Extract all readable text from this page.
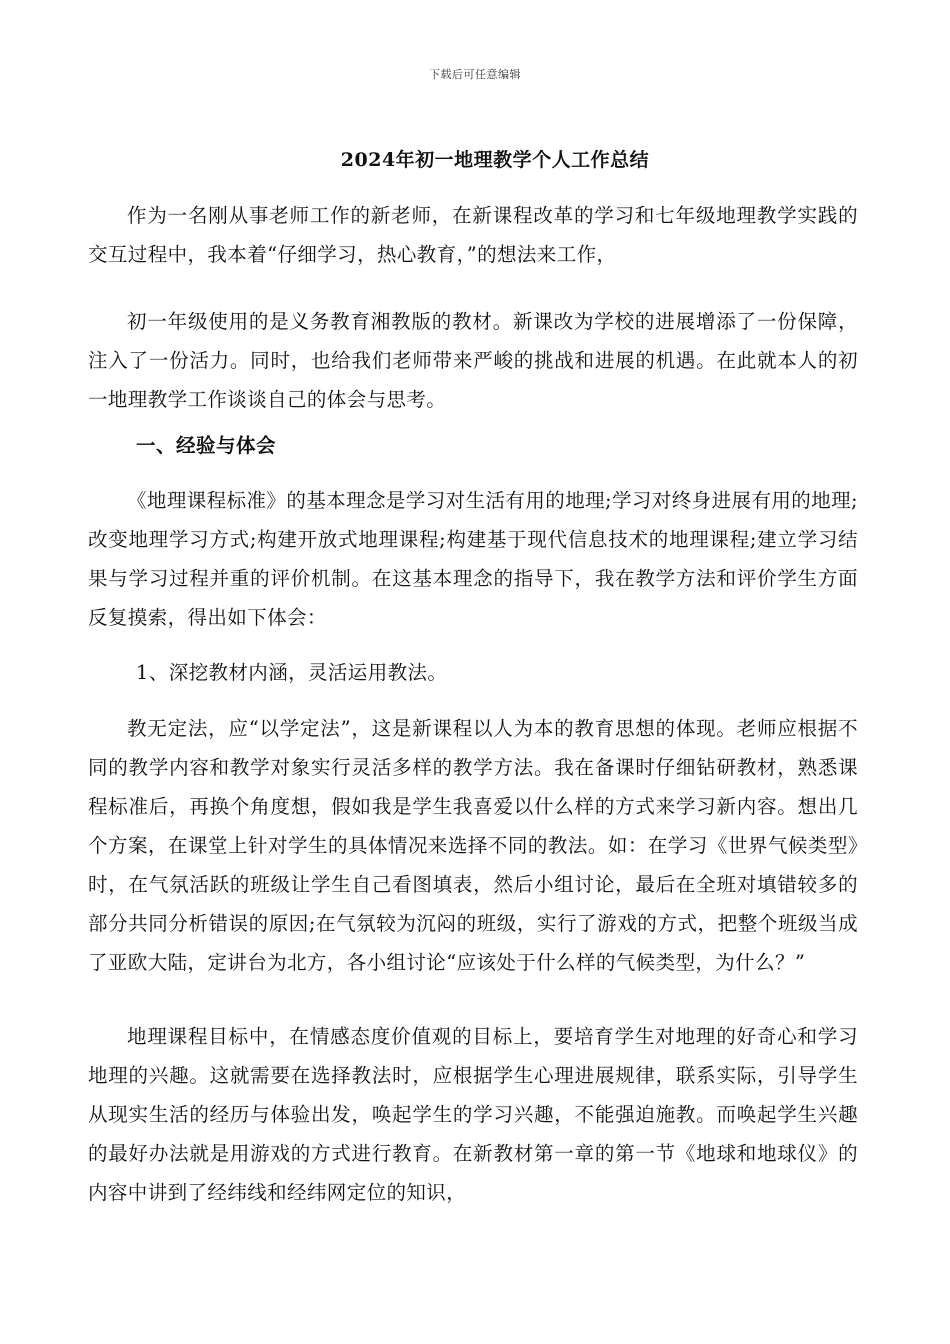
下载后可任意编辑
2024年初一地理教学个人工作总结

作为一名刚从事老师工作的新老师，在新课程改革的学习和七年级地理教学实践的交互过程中，我本着“仔细学习，热心教育，”的想法来工作，

初一年级使用的是义务教育湘教版的教材。新课改为学校的进展增添了一份保障，注入了一份活力。同时，也给我们老师带来严峻的挑战和进展的机遇。在此就本人的初一地理教学工作谈谈自己的体会与思考。

一、经验与体会

《地理课程标准》的基本理念是学习对生活有用的地理;学习对终身进展有用的地理;改变地理学习方式;构建开放式地理课程;构建基于现代信息技术的地理课程;建立学习结果与学习过程并重的评价机制。在这基本理念的指导下，我在教学方法和评价学生方面反复摸索，得出如下体会：

1、深挖教材内涵，灵活运用教法。

教无定法，应“以学定法”，这是新课程以人为本的教育思想的体现。老师应根据不同的教学内容和教学对象实行灵活多样的教学方法。我在备课时仔细钻研教材，熟悉课程标准后，再换个角度想，假如我是学生我喜爱以什么样的方式来学习新内容。想出几个方案，在课堂上针对学生的具体情况来选择不同的教法。如：在学习《世界气候类型》时，在气氛活跃的班级让学生自己看图填表，然后小组讨论，最后在全班对填错较多的部分共同分析错误的原因;在气氛较为沉闷的班级，实行了游戏的方式，把整个班级当成了亚欧大陆，定讲台为北方，各小组讨论“应该处于什么样的气候类型，为什么？”

地理课程目标中，在情感态度价值观的目标上，要培育学生对地理的好奇心和学习地理的兴趣。这就需要在选择教法时，应根据学生心理进展规律，联系实际，引导学生从现实生活的经历与体验出发，唤起学生的学习兴趣，不能强迫施教。而唤起学生兴趣的最好办法就是用游戏的方式进行教育。在新教材第一章的第一节《地球和地球仪》的内容中讲到了经纬线和经纬网定位的知识，
